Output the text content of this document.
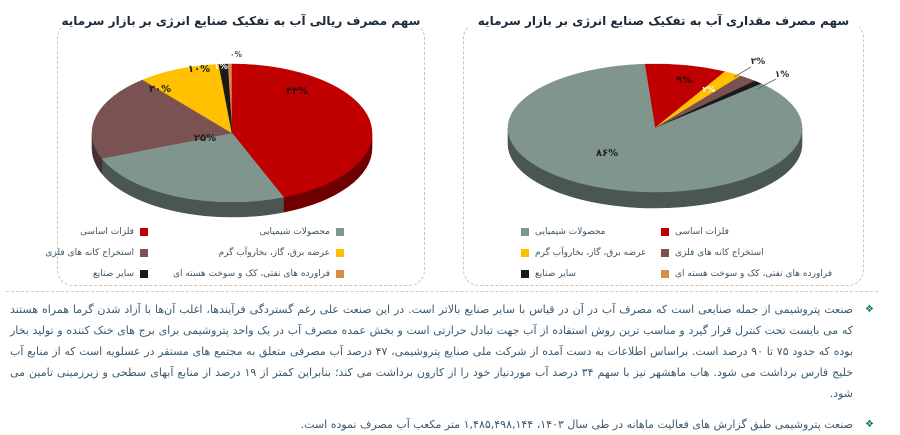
۰%
۴۴%
۲۵%
۲۰%
۱۰% ۱%
۹%
۲%
۲%
۱%
۸۶%
سهم مصرف ریالی آب به تفکیک صنایع انرژی بر بازار سرمایه
فلزات اساسی
استخراج کانه های فلزی
سایر صنایع
محصولات شیمیایی
عرضه برق، گاز، بخاروآب گرم
فراورده های نفتی، کک و سوخت هسته ای
سهم مصرف مقداری آب به تفکیک صنایع انرژی بر بازار سرمایه
محصولات شیمیایی
عرضه برق، گاز، بخاروآب گرم
سایر صنایع
فلزات اساسی
استخراج کانه های فلزی
فراورده های نفتی، کک و سوخت هسته ای
❖

صنعت پتروشیمی از جمله صنایعی است که مصرف آب در آن در قیاس با سایر صنایع بالاتر است. در این صنعت علی رغم گستردگی فرآیندها، اغلب آن‌ها با آزاد شدن گرما همراه هستند که می بایست تحت کنترل قرار گیرد و مناسب ترین روش استفاده از آب جهت تبادل حرارتی است و بخش عمده مصرف آب در یک واحد پتروشیمی برای برج های خنک کننده و تولید بخار بوده که حدود ۷۵ تا ۹۰ درصد است. براساس اطلاعات به دست آمده از شرکت ملی صنایع پتروشیمی، ۴۷ درصد آب مصرفی متعلق به مجتمع های مستقر در عسلویه است که از منابع آب خلیج فارس برداشت می شود. هاب ماهشهر نیز با سهم ۳۴ درصد آب موردنیاز خود را از کارون برداشت می کند؛ بنابراین کمتر از ۱۹ درصد از منابع آبهای سطحی و زیرزمینی تامین می شود.

❖

صنعت پتروشیمی طبق گزارش های فعالیت ماهانه در طی سال ۱۴۰۳، ۱,۴۸۵,۴۹۸,۱۴۴ متر مکعب آب مصرف نموده است.
